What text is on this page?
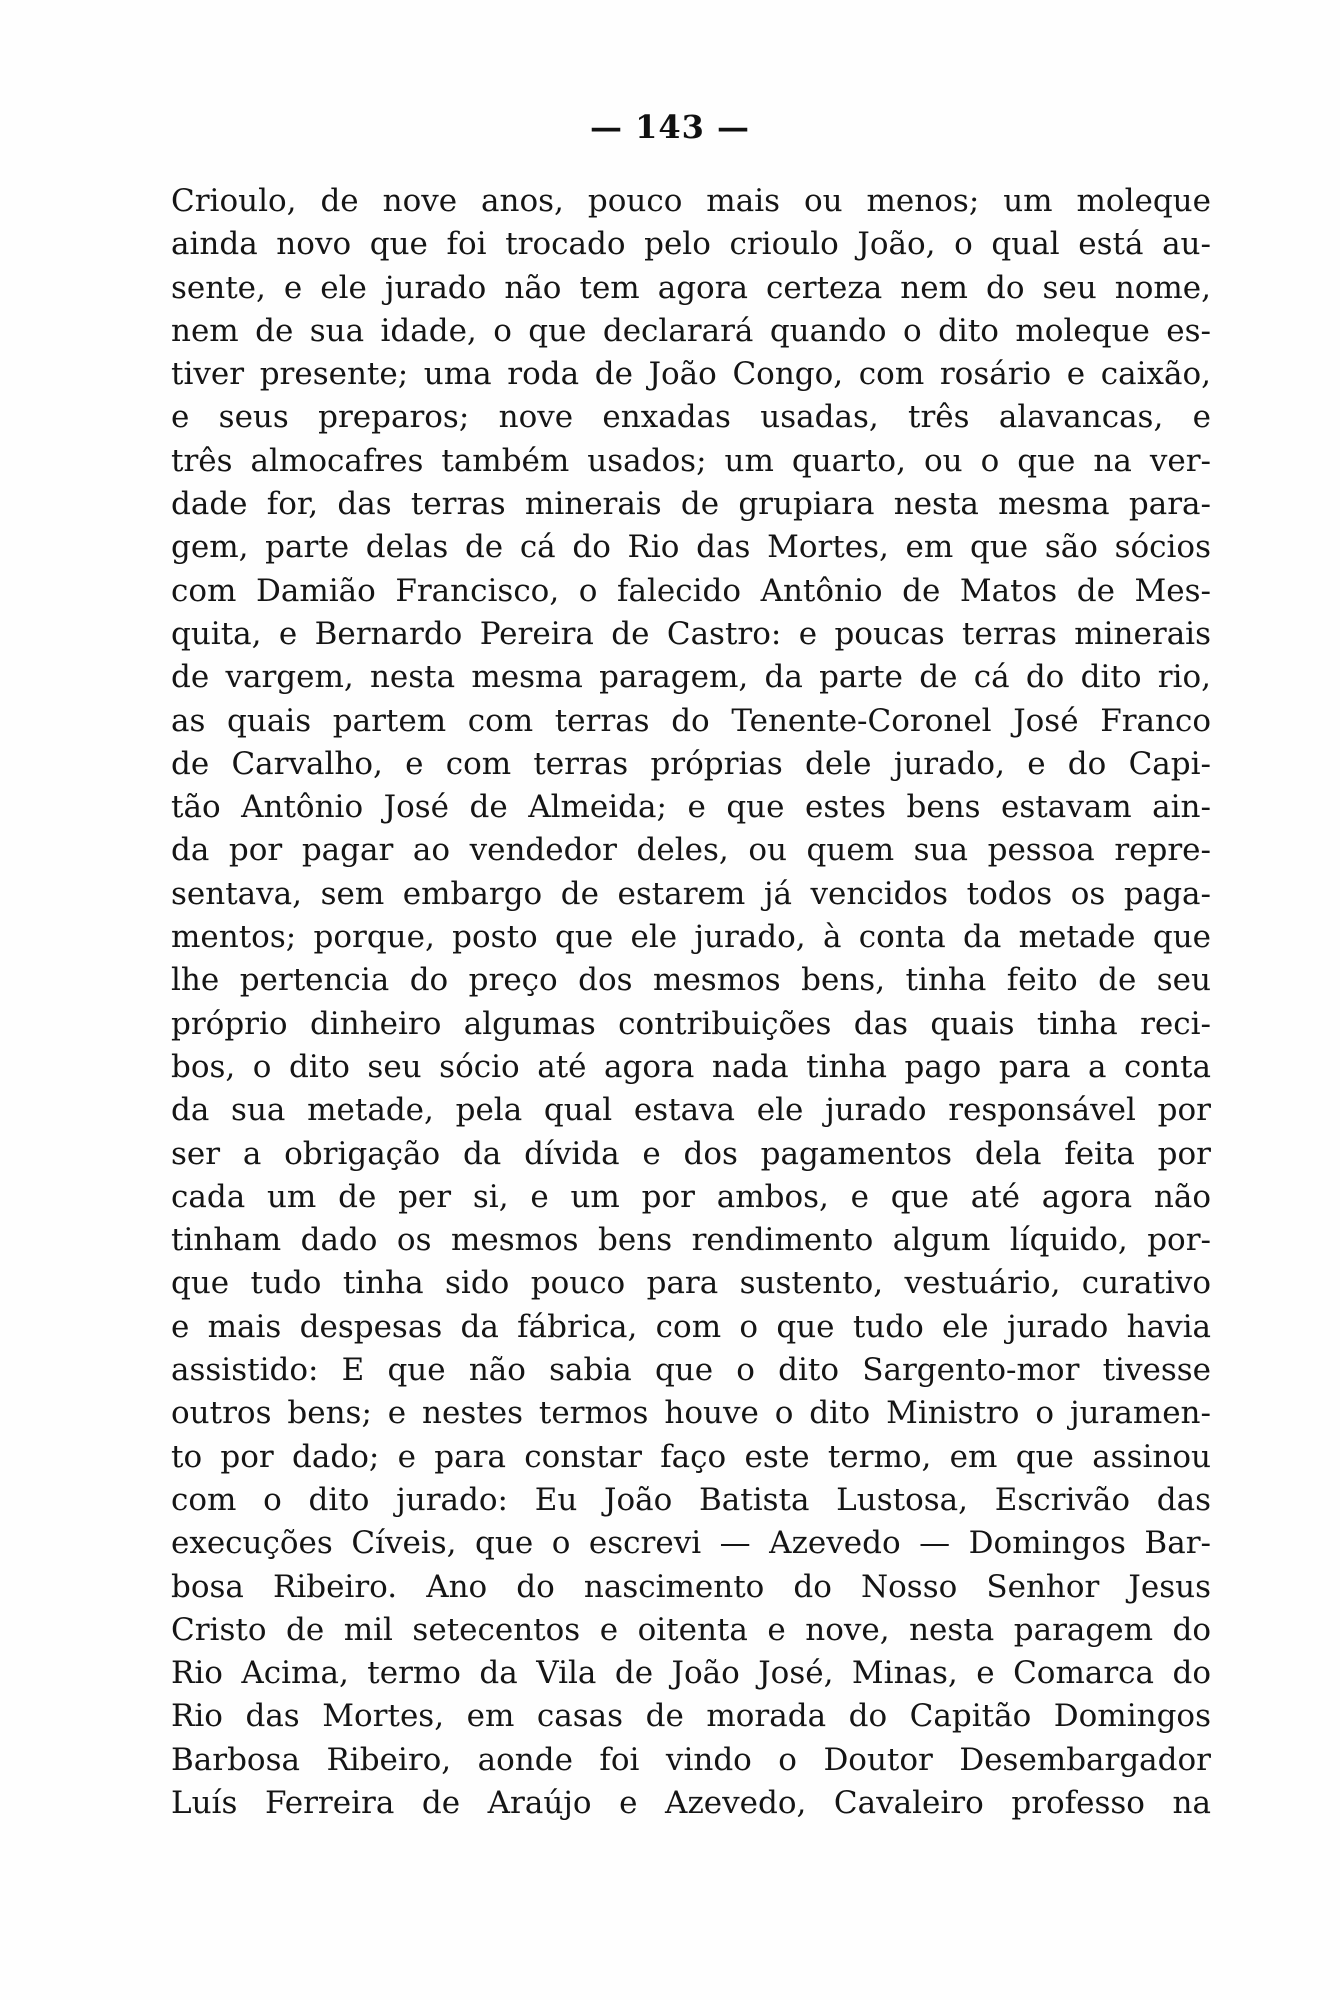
— 143 —
Crioulo, de nove anos, pouco mais ou menos; um moleque
ainda novo que foi trocado pelo crioulo João, o qual está au-
sente, e ele jurado não tem agora certeza nem do seu nome,
nem de sua idade, o que declarará quando o dito moleque es-
tiver presente; uma roda de João Congo, com rosário e caixão,
e seus preparos; nove enxadas usadas, três alavancas, e
três almocafres também usados; um quarto, ou o que na ver-
dade for, das terras minerais de grupiara nesta mesma para-
gem, parte delas de cá do Rio das Mortes, em que são sócios
com Damião Francisco, o falecido Antônio de Matos de Mes-
quita, e Bernardo Pereira de Castro: e poucas terras minerais
de vargem, nesta mesma paragem, da parte de cá do dito rio,
as quais partem com terras do Tenente-Coronel José Franco
de Carvalho, e com terras próprias dele jurado, e do Capi-
tão Antônio José de Almeida; e que estes bens estavam ain-
da por pagar ao vendedor deles, ou quem sua pessoa repre-
sentava, sem embargo de estarem já vencidos todos os paga-
mentos; porque, posto que ele jurado, à conta da metade que
lhe pertencia do preço dos mesmos bens, tinha feito de seu
próprio dinheiro algumas contribuições das quais tinha reci-
bos, o dito seu sócio até agora nada tinha pago para a conta
da sua metade, pela qual estava ele jurado responsável por
ser a obrigação da dívida e dos pagamentos dela feita por
cada um de per si, e um por ambos, e que até agora não
tinham dado os mesmos bens rendimento algum líquido, por-
que tudo tinha sido pouco para sustento, vestuário, curativo
e mais despesas da fábrica, com o que tudo ele jurado havia
assistido: E que não sabia que o dito Sargento-mor tivesse
outros bens; e nestes termos houve o dito Ministro o juramen-
to por dado; e para constar faço este termo, em que assinou
com o dito jurado: Eu João Batista Lustosa, Escrivão das
execuções Cíveis, que o escrevi — Azevedo — Domingos Bar-
bosa Ribeiro. Ano do nascimento do Nosso Senhor Jesus
Cristo de mil setecentos e oitenta e nove, nesta paragem do
Rio Acima, termo da Vila de João José, Minas, e Comarca do
Rio das Mortes, em casas de morada do Capitão Domingos
Barbosa Ribeiro, aonde foi vindo o Doutor Desembargador
Luís Ferreira de Araújo e Azevedo, Cavaleiro professo na
